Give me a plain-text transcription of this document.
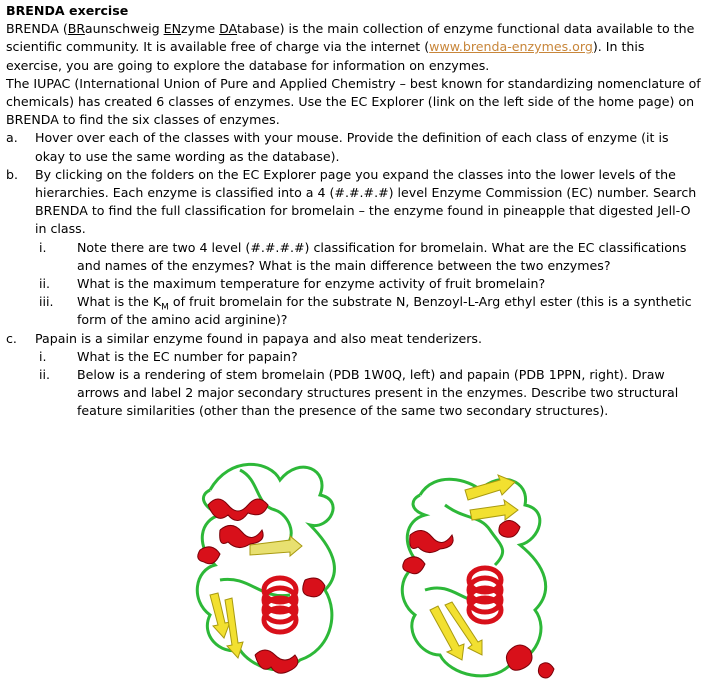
BRENDA exercise
BRENDA (BRaunschweig ENzyme DAtabase) is the main collection of enzyme functional data available to the scientific community. It is available free of charge via the internet (www.brenda-enzymes.org). In this exercise, you are going to explore the database for information on enzymes.
The IUPAC (International Union of Pure and Applied Chemistry – best known for standardizing nomenclature of chemicals) has created 6 classes of enzymes. Use the EC Explorer (link on the left side of the home page) on BRENDA to find the six classes of enzymes.
a. Hover over each of the classes with your mouse. Provide the definition of each class of enzyme (it is okay to use the same wording as the database).
b. By clicking on the folders on the EC Explorer page you expand the classes into the lower levels of the hierarchies. Each enzyme is classified into a 4 (#.#.#.#) level Enzyme Commission (EC) number. Search BRENDA to find the full classification for bromelain – the enzyme found in pineapple that digested Jell-O in class.
i. Note there are two 4 level (#.#.#.#) classification for bromelain. What are the EC classifications and names of the enzymes? What is the main difference between the two enzymes?
ii. What is the maximum temperature for enzyme activity of fruit bromelain?
iii. What is the $K_M$ of fruit bromelain for the substrate N, Benzoyl-L-Arg ethyl ester (this is a synthetic form of the amino acid arginine)?
c. Papain is a similar enzyme found in papaya and also meat tenderizers.
i. What is the EC number for papain?
ii. Below is a rendering of stem bromelain (PDB 1W0Q, left) and papain (PDB 1PPN, right). Draw arrows and label 2 major secondary structures present in the enzymes. Describe two structural feature similarities (other than the presence of the same two secondary structures).
